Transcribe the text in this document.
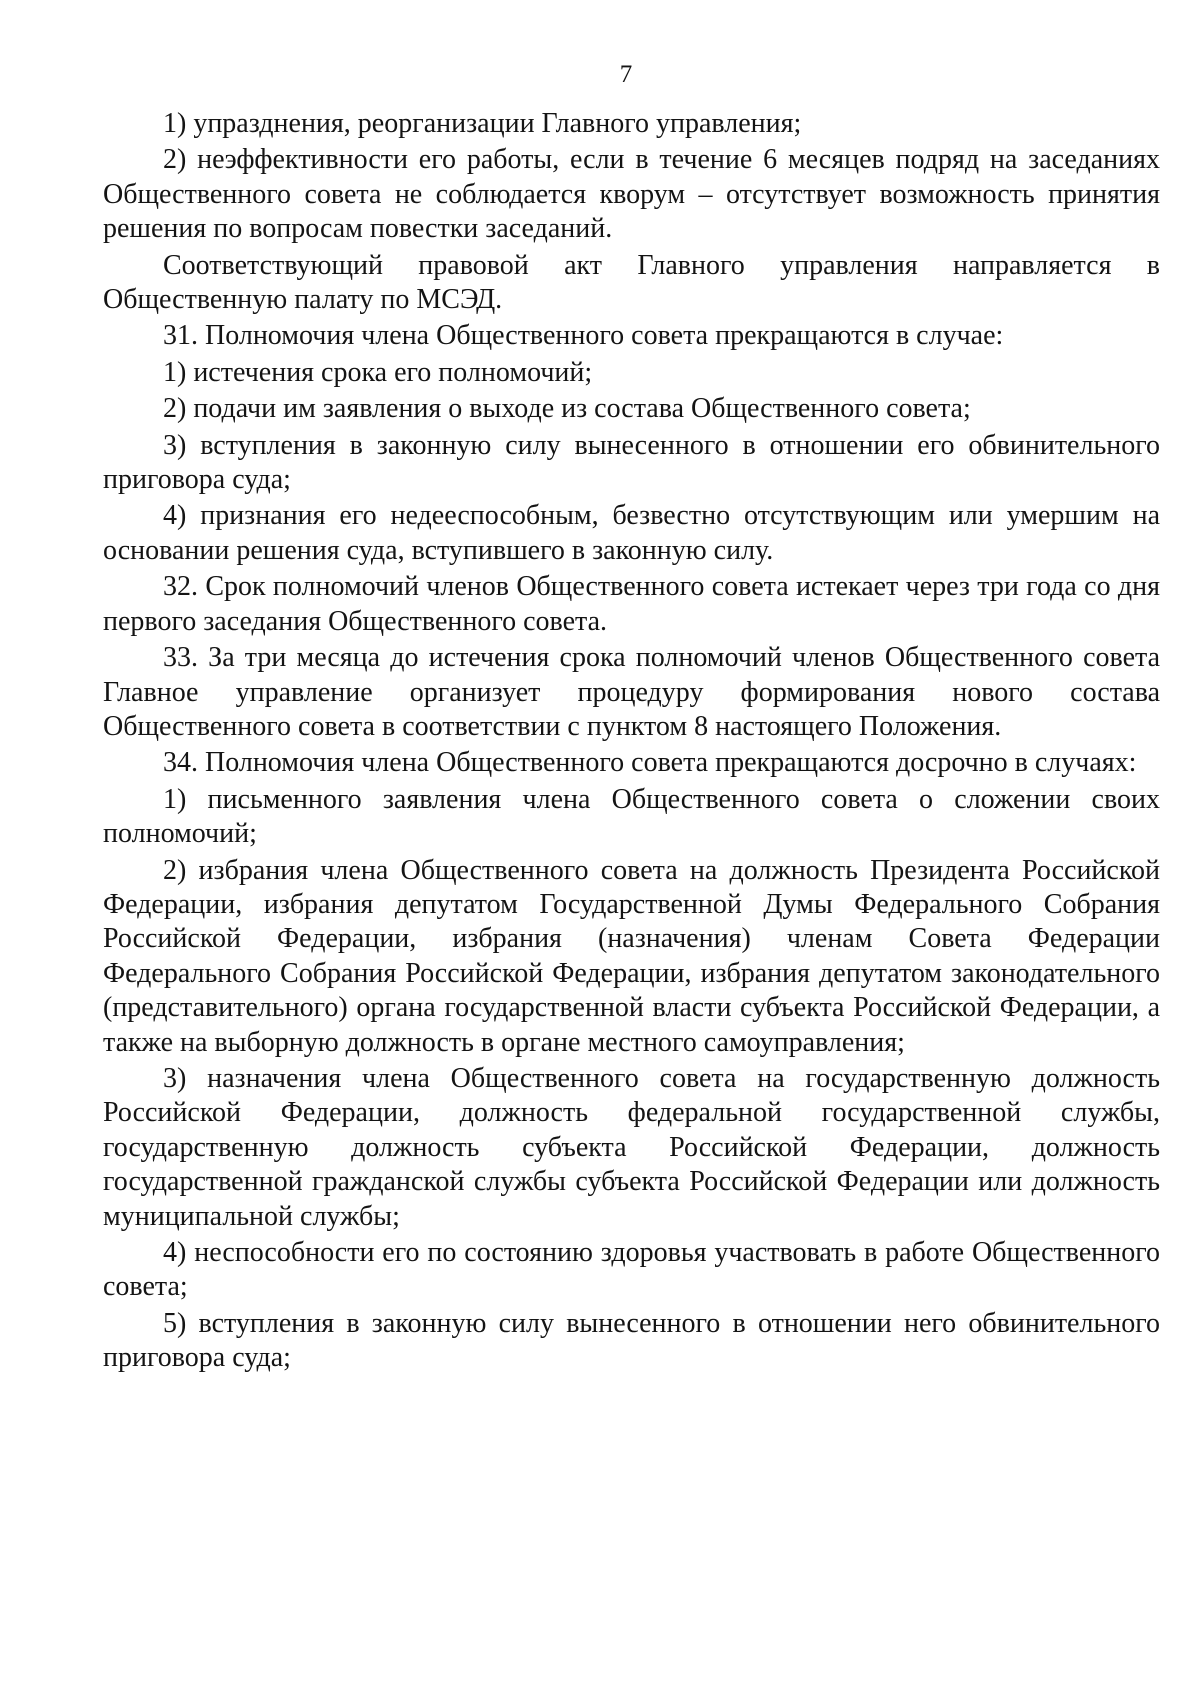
7

1) упразднения, реорганизации Главного управления;

2) неэффективности его работы, если в течение 6 месяцев подряд на заседаниях Общественного совета не соблюдается кворум – отсутствует возможность принятия решения по вопросам повестки заседаний.

Соответствующий правовой акт Главного управления направляется в Общественную палату по МСЭД.

31. Полномочия члена Общественного совета прекращаются в случае:

1) истечения срока его полномочий;

2) подачи им заявления о выходе из состава Общественного совета;

3) вступления в законную силу вынесенного в отношении его обвинительного приговора суда;

4) признания его недееспособным, безвестно отсутствующим или умершим на основании решения суда, вступившего в законную силу.

32. Срок полномочий членов Общественного совета истекает через три года со дня первого заседания Общественного совета.

33. За три месяца до истечения срока полномочий членов Общественного совета Главное управление организует процедуру формирования нового состава Общественного совета в соответствии с пунктом 8 настоящего Положения.

34. Полномочия члена Общественного совета прекращаются досрочно в случаях:

1) письменного заявления члена Общественного совета о сложении своих полномочий;

2) избрания члена Общественного совета на должность Президента Российской Федерации, избрания депутатом Государственной Думы Федерального Собрания Российской Федерации, избрания (назначения) членам Совета Федерации Федерального Собрания Российской Федерации, избрания депутатом законодательного (представительного) органа государственной власти субъекта Российской Федерации, а также на выборную должность в органе местного самоуправления;

3) назначения члена Общественного совета на государственную должность Российской Федерации, должность федеральной государственной службы, государственную должность субъекта Российской Федерации, должность государственной гражданской службы субъекта Российской Федерации или должность муниципальной службы;

4) неспособности его по состоянию здоровья участвовать в работе Общественного совета;

5) вступления в законную силу вынесенного в отношении него обвинительного приговора суда;
